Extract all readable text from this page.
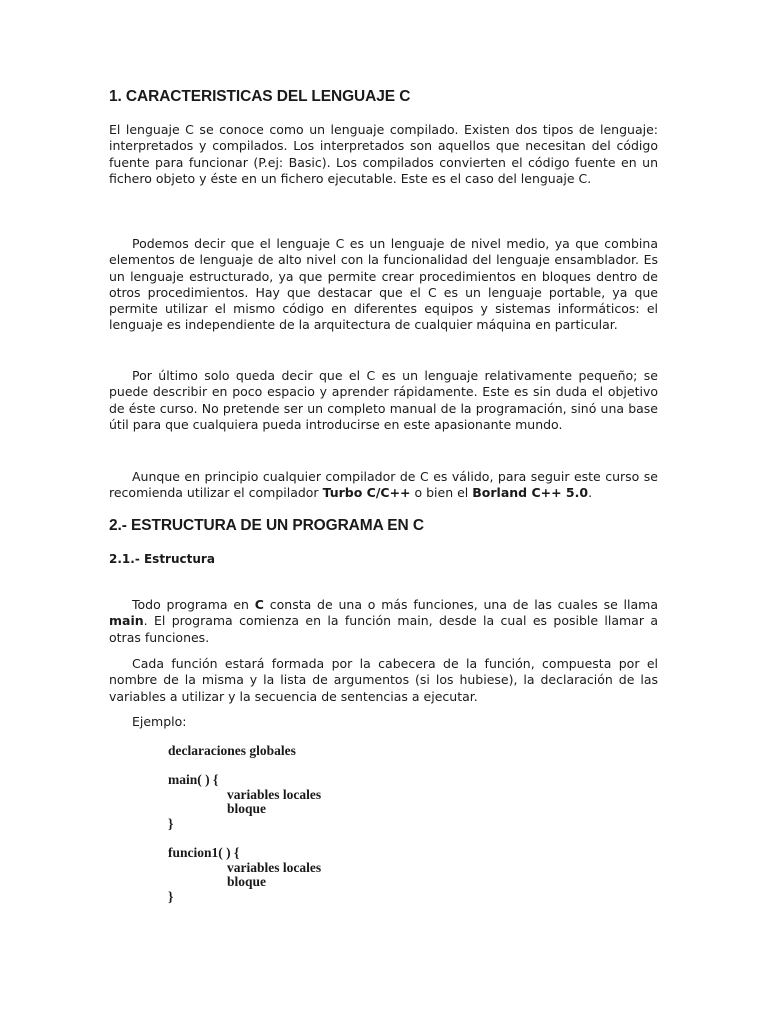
1. CARACTERISTICAS DEL LENGUAJE C

El lenguaje C se conoce como un lenguaje compilado. Existen dos tipos de lenguaje: interpretados y compilados. Los interpretados son aquellos que necesitan del código fuente para funcionar (P.ej: Basic). Los compilados convierten el código fuente en un fichero objeto y éste en un fichero ejecutable. Este es el caso del lenguaje C.

Podemos decir que el lenguaje C es un lenguaje de nivel medio, ya que combina elementos de lenguaje de alto nivel con la funcionalidad del lenguaje ensamblador. Es un lenguaje estructurado, ya que permite crear procedimientos en bloques dentro de otros procedimientos. Hay que destacar que el C es un lenguaje portable, ya que permite utilizar el mismo código en diferentes equipos y sistemas informáticos: el lenguaje es independiente de la arquitectura de cualquier máquina en particular.

Por último solo queda decir que el C es un lenguaje relativamente pequeño; se puede describir en poco espacio y aprender rápidamente. Este es sin duda el objetivo de éste curso. No pretende ser un completo manual de la programación, sinó una base útil para que cualquiera pueda introducirse en este apasionante mundo.

Aunque en principio cualquier compilador de C es válido, para seguir este curso se recomienda utilizar el compilador Turbo C/C++ o bien el Borland C++ 5.0.

2.- ESTRUCTURA DE UN PROGRAMA EN C
2.1.- Estructura

Todo programa en C consta de una o más funciones, una de las cuales se llama main. El programa comienza en la función main, desde la cual es posible llamar a otras funciones.

Cada función estará formada por la cabecera de la función, compuesta por el nombre de la misma y la lista de argumentos (si los hubiese), la declaración de las variables a utilizar y la secuencia de sentencias a ejecutar.

Ejemplo:

declaraciones globales
main( ) {
variables locales
bloque
}
funcion1( ) {
variables locales
bloque
}
